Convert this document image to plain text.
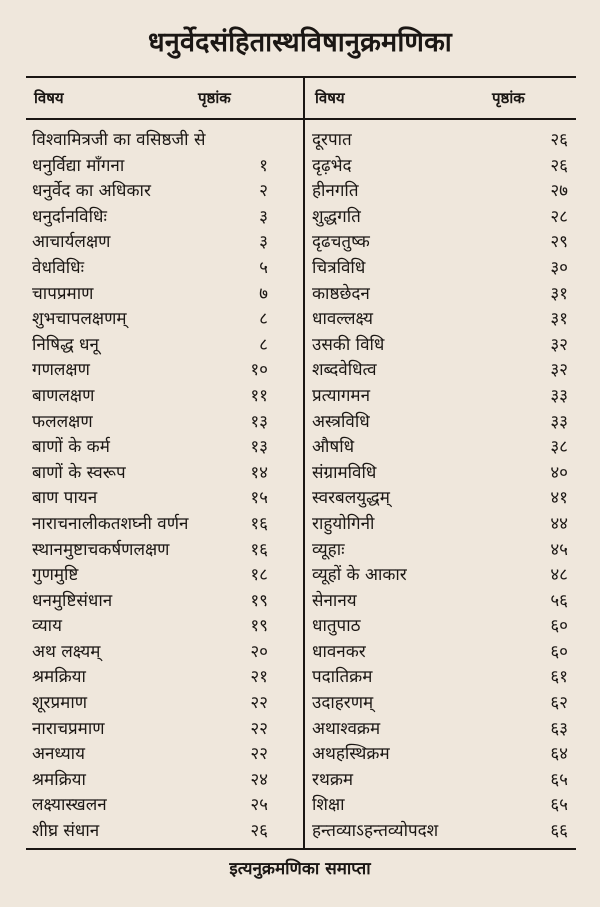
धनुर्वेदसंहितास्थविषानुक्रमणिका
विषय	पृष्ठांक	विषय	पृष्ठांक
विश्वामित्रजी का वसिष्ठजी से
धनुर्विद्या माँगना	१
धनुर्वेद का अधिकार	२
धनुर्दानविधिः	३
आचार्यलक्षण	३
वेधविधिः	५
चापप्रमाण	७
शुभचापलक्षणम्	८
निषिद्ध धनू	८
गणलक्षण	१०
बाणलक्षण	११
फललक्षण	१३
बाणों के कर्म	१३
बाणों के स्वरूप	१४
बाण पायन	१५
नाराचनालीकतशघ्नी वर्णन	१६
स्थानमुष्टाचकर्षणलक्षण	१६
गुणमुष्टि	१८
धनमुष्टिसंधान	१९
व्याय	१९
अथ लक्ष्यम्	२०
श्रमक्रिया	२१
शूरप्रमाण	२२
नाराचप्रमाण	२२
अनध्याय	२२
श्रमक्रिया	२४
लक्ष्यास्खलन	२५
शीघ्र संधान	२६
दूरपात	२६
दृढ़भेद	२६
हीनगति	२७
शुद्धगति	२८
दृढचतुष्क	२९
चित्रविधि	३०
काष्ठछेदन	३१
धावल्लक्ष्य	३१
उसकी विधि	३२
शब्दवेधित्व	३२
प्रत्यागमन	३३
अस्त्रविधि	३३
औषधि	३८
संग्रामविधि	४०
स्वरबलयुद्धम्	४१
राहुयोगिनी	४४
व्यूहाः	४५
व्यूहों के आकार	४८
सेनानय	५६
धातुपाठ	६०
धावनकर	६०
पदातिक्रम	६१
उदाहरणम्	६२
अथाश्वक्रम	६३
अथहस्थिक्रम	६४
रथक्रम	६५
शिक्षा	६५
हन्तव्याऽहन्तव्योपदश	६६
इत्यनुक्रमणिका समाप्ता
